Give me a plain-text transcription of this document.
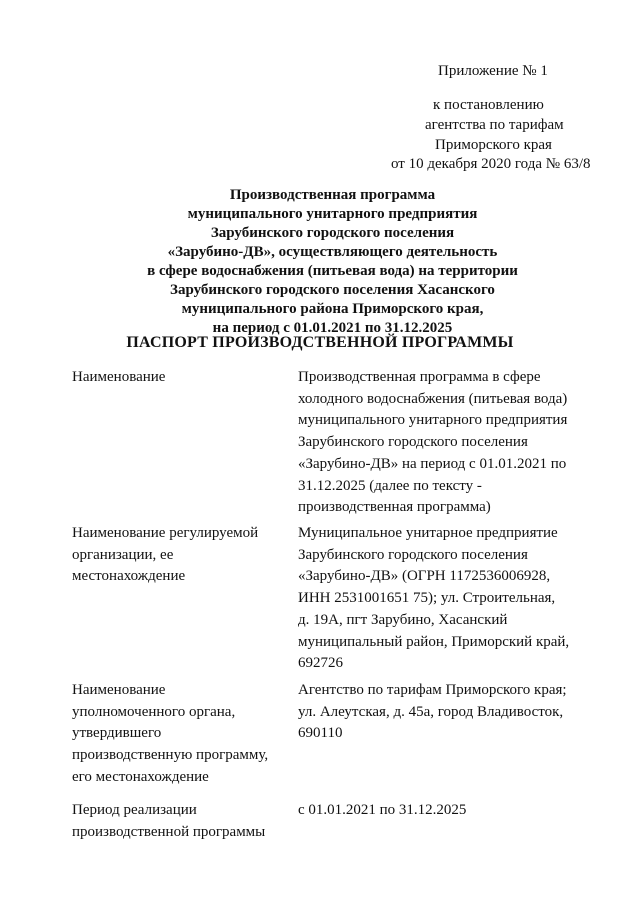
Приложение № 1
к постановлению
агентства по тарифам
Приморского края
от 10 декабря 2020 года № 63/8
Производственная программа
муниципального унитарного предприятия
Зарубинского городского поселения
«Зарубино-ДВ», осуществляющего деятельность
в сфере водоснабжения (питьевая вода) на территории
Зарубинского городского поселения Хасанского
муниципального района Приморского края,
на период с 01.01.2021 по 31.12.2025
ПАСПОРТ ПРОИЗВОДСТВЕННОЙ ПРОГРАММЫ
Наименование	Производственная программа в сфере
холодного водоснабжения (питьевая вода)
муниципального унитарного предприятия
Зарубинского городского поселения
«Зарубино-ДВ» на период с 01.01.2021 по
31.12.2025 (далее по тексту -
производственная программа)
Наименование регулируемой
организации, ее
местонахождение
Муниципальное унитарное предприятие
Зарубинского городского поселения
«Зарубино-ДВ» (ОГРН 1172536006928,
ИНН 2531001651 75); ул. Строительная,
д. 19А, пгт Зарубино, Хасанский
муниципальный район, Приморский край,
692726
Наименование
уполномоченного органа,
утвердившего
производственную программу,
его местонахождение
Агентство по тарифам Приморского края;
ул. Алеутская, д. 45а, город Владивосток,
690110
Период реализации
производственной программы
с 01.01.2021 по 31.12.2025
